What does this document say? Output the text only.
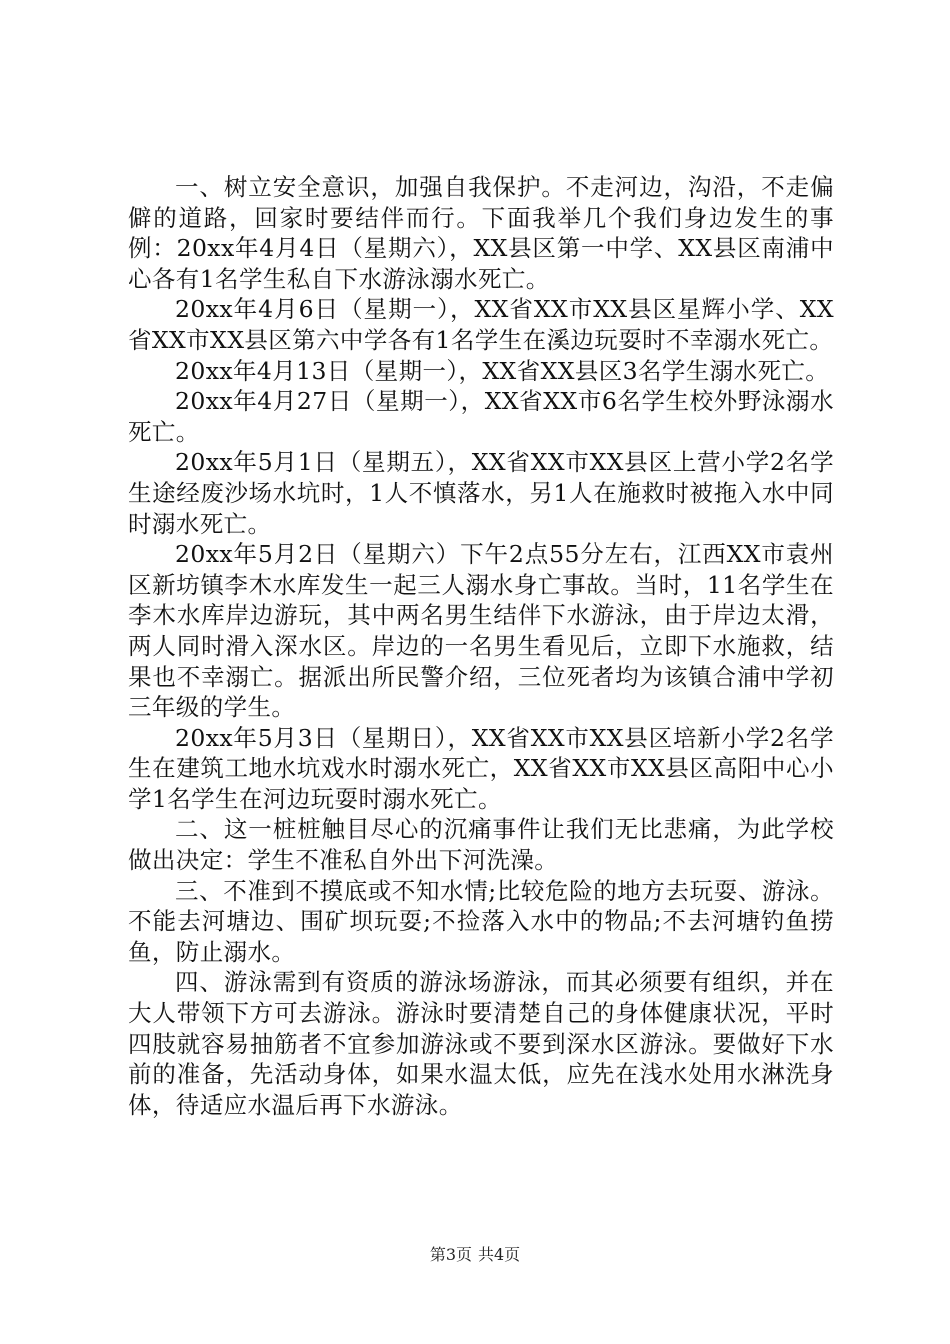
一、树立安全意识，加强自我保护。不走河边，沟沿，不走偏僻的道路，回家时要结伴而行。下面我举几个我们身边发生的事例：20xx年4月4日（星期六），XX县区第一中学、XX县区南浦中心各有1名学生私自下水游泳溺水死亡。

20xx年4月6日（星期一），XX省XX市XX县区星辉小学、XX省XX市XX县区第六中学各有1名学生在溪边玩耍时不幸溺水死亡。

20xx年4月13日（星期一），XX省XX县区3名学生溺水死亡。

20xx年4月27日（星期一），XX省XX市6名学生校外野泳溺水死亡。

20xx年5月1日（星期五），XX省XX市XX县区上营小学2名学生途经废沙场水坑时，1人不慎落水，另1人在施救时被拖入水中同时溺水死亡。

20xx年5月2日（星期六）下午2点55分左右，江西XX市袁州区新坊镇李木水库发生一起三人溺水身亡事故。当时，11名学生在李木水库岸边游玩，其中两名男生结伴下水游泳，由于岸边太滑，两人同时滑入深水区。岸边的一名男生看见后，立即下水施救，结果也不幸溺亡。据派出所民警介绍，三位死者均为该镇合浦中学初三年级的学生。

20xx年5月3日（星期日），XX省XX市XX县区培新小学2名学生在建筑工地水坑戏水时溺水死亡，XX省XX市XX县区高阳中心小学1名学生在河边玩耍时溺水死亡。

二、这一桩桩触目尽心的沉痛事件让我们无比悲痛，为此学校做出决定：学生不准私自外出下河洗澡。

三、不准到不摸底或不知水情;比较危险的地方去玩耍、游泳。不能去河塘边、围矿坝玩耍;不捡落入水中的物品;不去河塘钓鱼捞鱼，防止溺水。

四、游泳需到有资质的游泳场游泳，而其必须要有组织，并在大人带领下方可去游泳。游泳时要清楚自己的身体健康状况，平时四肢就容易抽筋者不宜参加游泳或不要到深水区游泳。要做好下水前的准备，先活动身体，如果水温太低，应先在浅水处用水淋洗身体，待适应水温后再下水游泳。

第3页 共4页
